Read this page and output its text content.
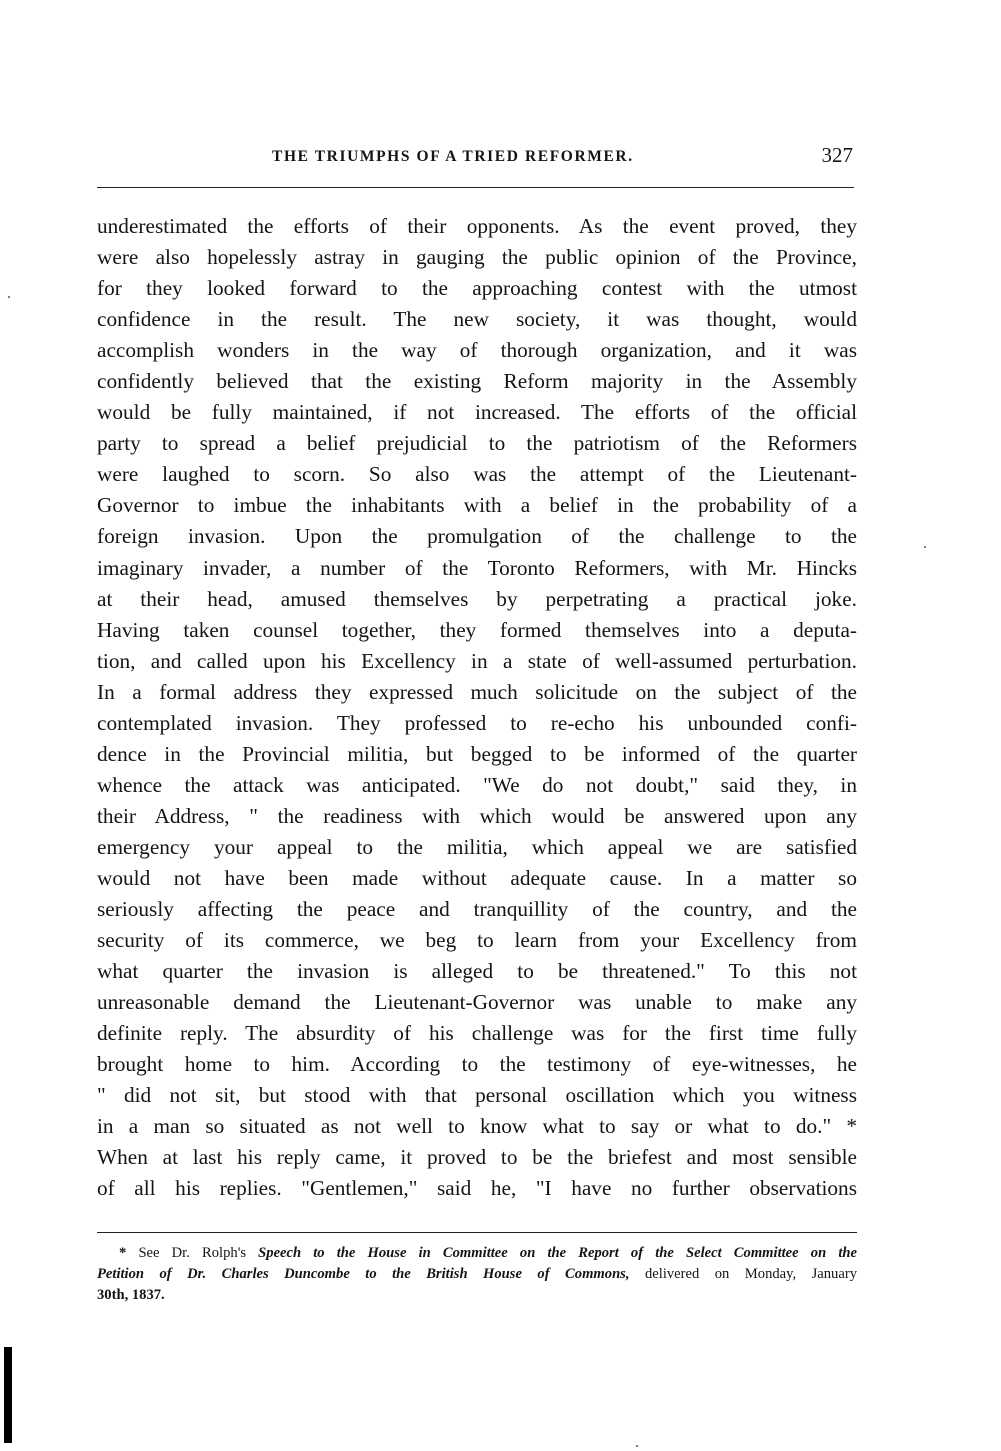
THE TRIUMPHS OF A TRIED REFORMER.	327
underestimated the efforts of their opponents. As the event proved, they
were also hopelessly astray in gauging the public opinion of the Province,
for they looked forward to the approaching contest with the utmost
confidence in the result. The new society, it was thought, would
accomplish wonders in the way of thorough organization, and it was
confidently believed that the existing Reform majority in the Assembly
would be fully maintained, if not increased. The efforts of the official
party to spread a belief prejudicial to the patriotism of the Reformers
were laughed to scorn. So also was the attempt of the Lieutenant-
Governor to imbue the inhabitants with a belief in the probability of a
foreign invasion. Upon the promulgation of the challenge to the
imaginary invader, a number of the Toronto Reformers, with Mr. Hincks
at their head, amused themselves by perpetrating a practical joke.
Having taken counsel together, they formed themselves into a deputa-
tion, and called upon his Excellency in a state of well-assumed perturbation.
In a formal address they expressed much solicitude on the subject of the
contemplated invasion. They professed to re-echo his unbounded confi-
dence in the Provincial militia, but begged to be informed of the quarter
whence the attack was anticipated. "We do not doubt," said they, in
their Address, " the readiness with which would be answered upon any
emergency your appeal to the militia, which appeal we are satisfied
would not have been made without adequate cause. In a matter so
seriously affecting the peace and tranquillity of the country, and the
security of its commerce, we beg to learn from your Excellency from
what quarter the invasion is alleged to be threatened." To this not
unreasonable demand the Lieutenant-Governor was unable to make any
definite reply. The absurdity of his challenge was for the first time fully
brought home to him. According to the testimony of eye-witnesses, he
" did not sit, but stood with that personal oscillation which you witness
in a man so situated as not well to know what to say or what to do." *
When at last his reply came, it proved to be the briefest and most sensible
of all his replies. "Gentlemen," said he, "I have no further observations
* See Dr. Rolph's Speech to the House in Committee on the Report of the Select Committee on the
Petition of Dr. Charles Duncombe to the British House of Commons, delivered on Monday, January
30th, 1837.
